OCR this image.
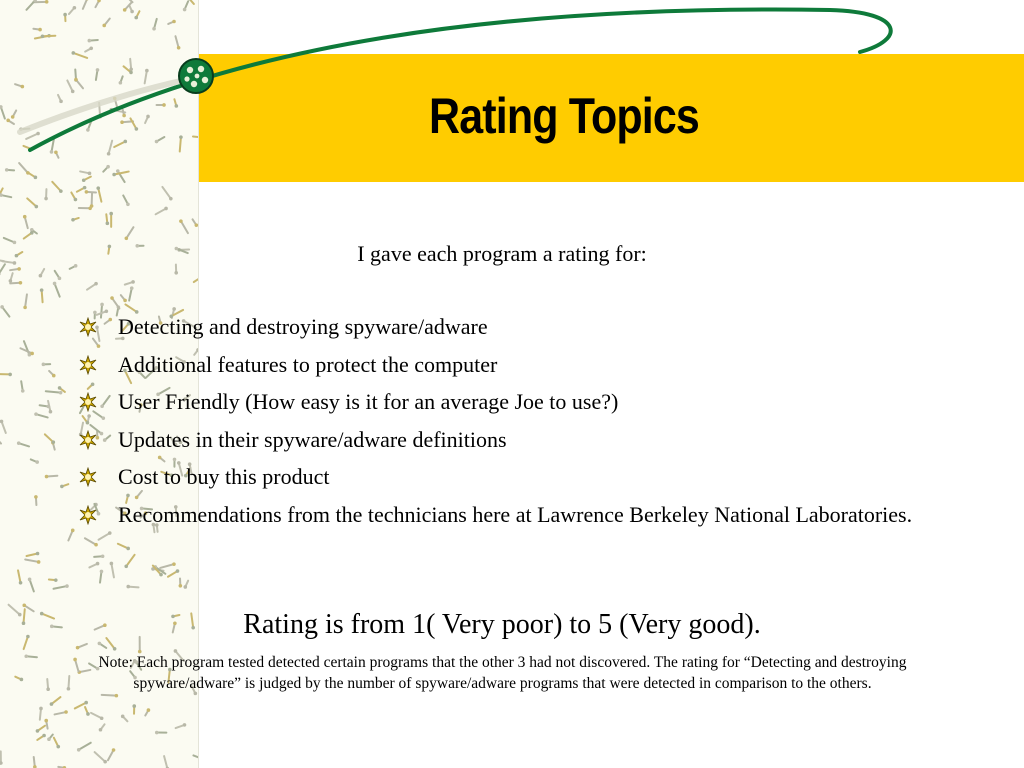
Rating Topics
I gave each program a rating for:
Detecting and destroying spyware/adware
Additional features to protect the computer
User Friendly (How easy is it for an average Joe to use?)
Updates in their spyware/adware definitions
Cost to buy this product
Recommendations from the technicians here at Lawrence Berkeley National Laboratories.
Rating is from 1( Very poor) to 5 (Very good).
Note: Each program tested detected certain programs that the other 3 had not discovered. The rating for “Detecting and destroying spyware/adware” is judged by the number of spyware/adware programs that were detected in comparison to the others.
